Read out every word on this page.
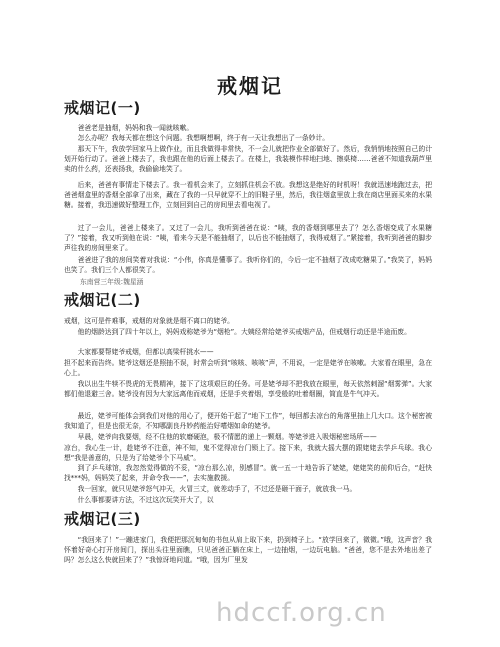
戒烟记
戒烟记(一)

爸爸老是抽烟，妈妈和我一闻就咳嗽。

怎么办呢？我每天都在想这个问题。我想啊想啊，终于有一天让我想出了一条妙计。

那天下午，我放学回家马上做作业，而且我做得非常快，不一会儿就把作业全部做好了。然后，我悄悄地按照自己的计划开始行动了。爸爸上楼去了，我也跟在他的后面上楼去了。在楼上，我装模作样地扫地、擦桌椅……爸爸不知道我葫芦里卖的什么药，还表扬我，我偷偷地笑了。

后来，爸爸有事情走下楼去了。我一看机会来了，立刻抓住机会不放。我想这是绝好的时机呀！我就迅速地跑过去，把爸爸烟盒里的香烟全部拿了出来，藏在了我的一只早就穿不上的旧鞋子里，然后，我往烟盒里放上我在商店里面买来的水果糖。接着，我迅速做好整理工作，立刻回到自己的房间里去看电视了。

过了一会儿，爸爸上楼来了。又过了一会儿，我听到爸爸在说：“咦，我的香烟到哪里去了？怎么香烟变成了水果糖了？”接着，我又听到他在说：“咦，看来今天是不能抽烟了，以后也不能抽烟了，我得戒烟了。”紧接着，我听到爸爸的脚步声往我的房间里来了。

爸爸进了我的房间笑着对我说：“小伟，你真是懂事了。我听你们的，今后一定不抽烟了改成吃糖果了。”我笑了，妈妈也笑了。我们三个人都很笑了。

东南营三年级:魏星涵

戒烟记(二)

戒烟，这可是件难事，戒烟的对象就是烟不离口的姥爷。

他的烟龄达到了四十年以上，妈妈戏称姥爷为“烟枪”。大姨经常给姥爷买戒烟产品，但戒烟行动还是半途而废。

大家都要帮姥爷戒烟，但都以高梁杆挑水——

担不起来而告终。姥爷这烟还是照抽不误，时常会听到“咳咳、咳咳”声，不用说，一定是姥爷在咳嗽。大家看在眼里，急在心上。

我以出生牛犊不畏虎的无畏精神，接下了这项艰巨的任务。可是姥爷却不把我放在眼里，每天依然刺溜“烟雾弹”。大家都们他退避三舍。姥爷没有因为大家远离他而戒烟，还是手夹着烟，享受般的吐着烟圈，简直是牛气冲天。

最近，姥爷可能体会到我们对他的用心了，便开始干起了“地下工作”，每回都去凉台的角落里抽上几大口。这个秘密被我知道了，但是也很无奈，不知哪副良丹妙药能治好嗜烟如命的姥爷。

早晨，姥爷向我要烟，经不住他的软磨硬泡，极不情愿的递上一颗烟。等姥爷进入吸烟秘密场所——

凉台，我心生一计，趁姥爷不注意，神不知，鬼不觉得凉台门锁上了。接下来，我就大摇大摆的跟姥姥去学乒乓球。我心想“我是善意的，只是为了给姥爷个下马威”。

到了乒乓球馆，我忽然觉得做的不妥，“凉台那么凉，别感冒”。就一五一十地告诉了姥姥，姥姥笑的前仰后合，“赶快找***妈，妈妈笑了起来，并命令我——”，去实施救援。

我一回家，就只见姥爷怒气冲天，火冒三丈，就差动手了，不过还是砸干面子，就放我一马。

什么事都要讲方法，不过这次玩笑开大了，以

戒烟记(三)

“我回来了！”一蹦进家门，我便把那沉甸甸的书包从肩上取下来，扔到椅子上。“放学回来了，微微。”哦，这声音？我怀着好奇心打开房间门，探出头往里面瞧，只见爸爸正躺在床上，一边抽烟，一边玩电脑。“爸爸，您不是去外地出差了吗？怎么这么快就回来了？”我惊讶地问道。“哦，因为厂里发

hdccf.org.cn
